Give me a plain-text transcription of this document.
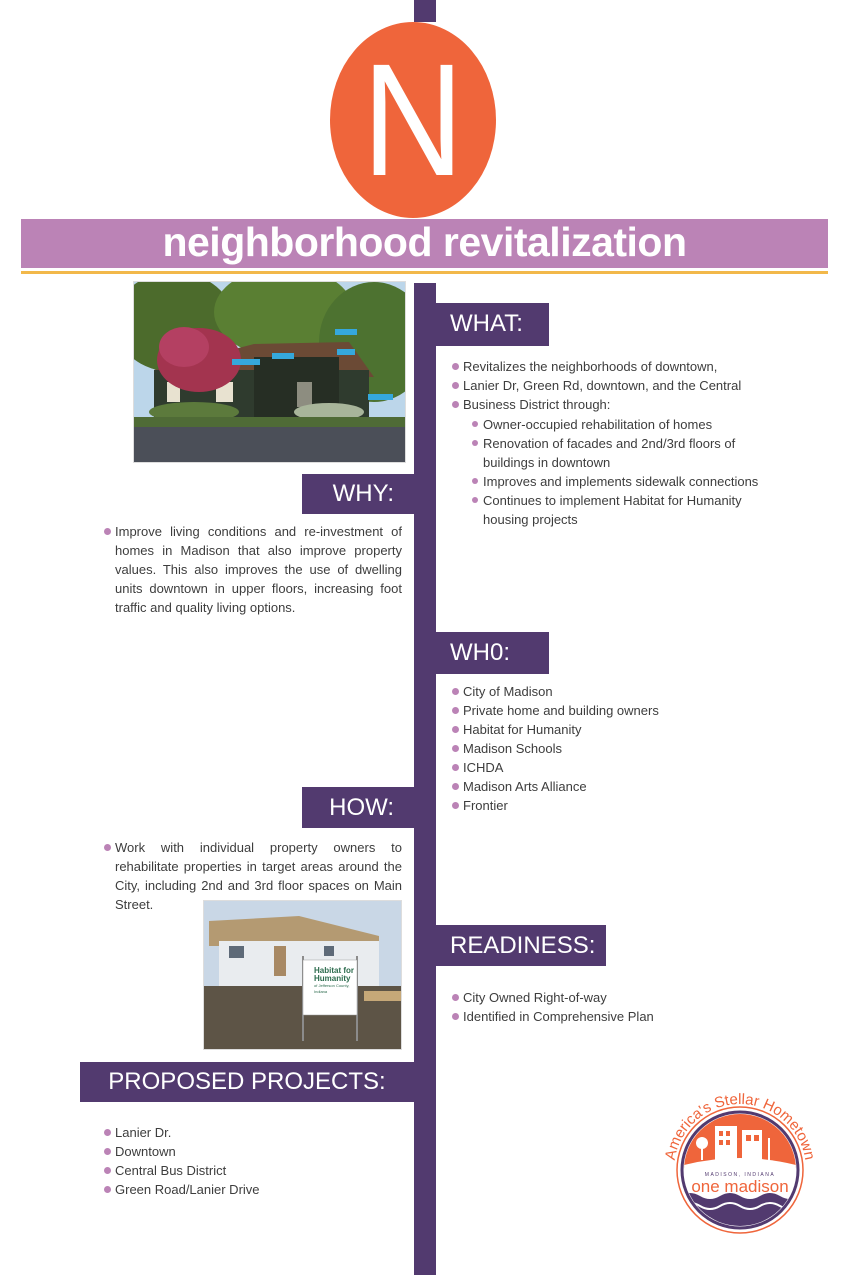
N
neighborhood revitalization
WHAT:
Revitalizes the neighborhoods of downtown,
Lanier Dr, Green Rd, downtown, and the Central
Business District through:
Owner-occupied rehabilitation of homes
Renovation of facades and 2nd/3rd floors of buildings in downtown
Improves and implements sidewalk connections
Continues to implement Habitat for Humanity housing projects
WHY:
Improve living conditions and re-investment of homes in Madison that also improve property values. This also improves the use of dwelling units downtown in upper floors, increasing foot traffic and quality living options.
WH0:
City of Madison
Private home and building owners
Habitat for Humanity
Madison Schools
ICHDA
Madison Arts Alliance
Frontier
HOW:
Work with individual property owners to rehabilitate properties in target areas around the City, including 2nd and 3rd floor spaces on Main Street.
Habitat for
Humanity
of Jefferson County, Indiana
READINESS:
City Owned Right-of-way
Identified in Comprehensive Plan
PROPOSED PROJECTS:
Lanier Dr.
Downtown
Central Bus District
Green Road/Lanier Drive
America's Stellar Hometown
MADISON, INDIANA
one madison
